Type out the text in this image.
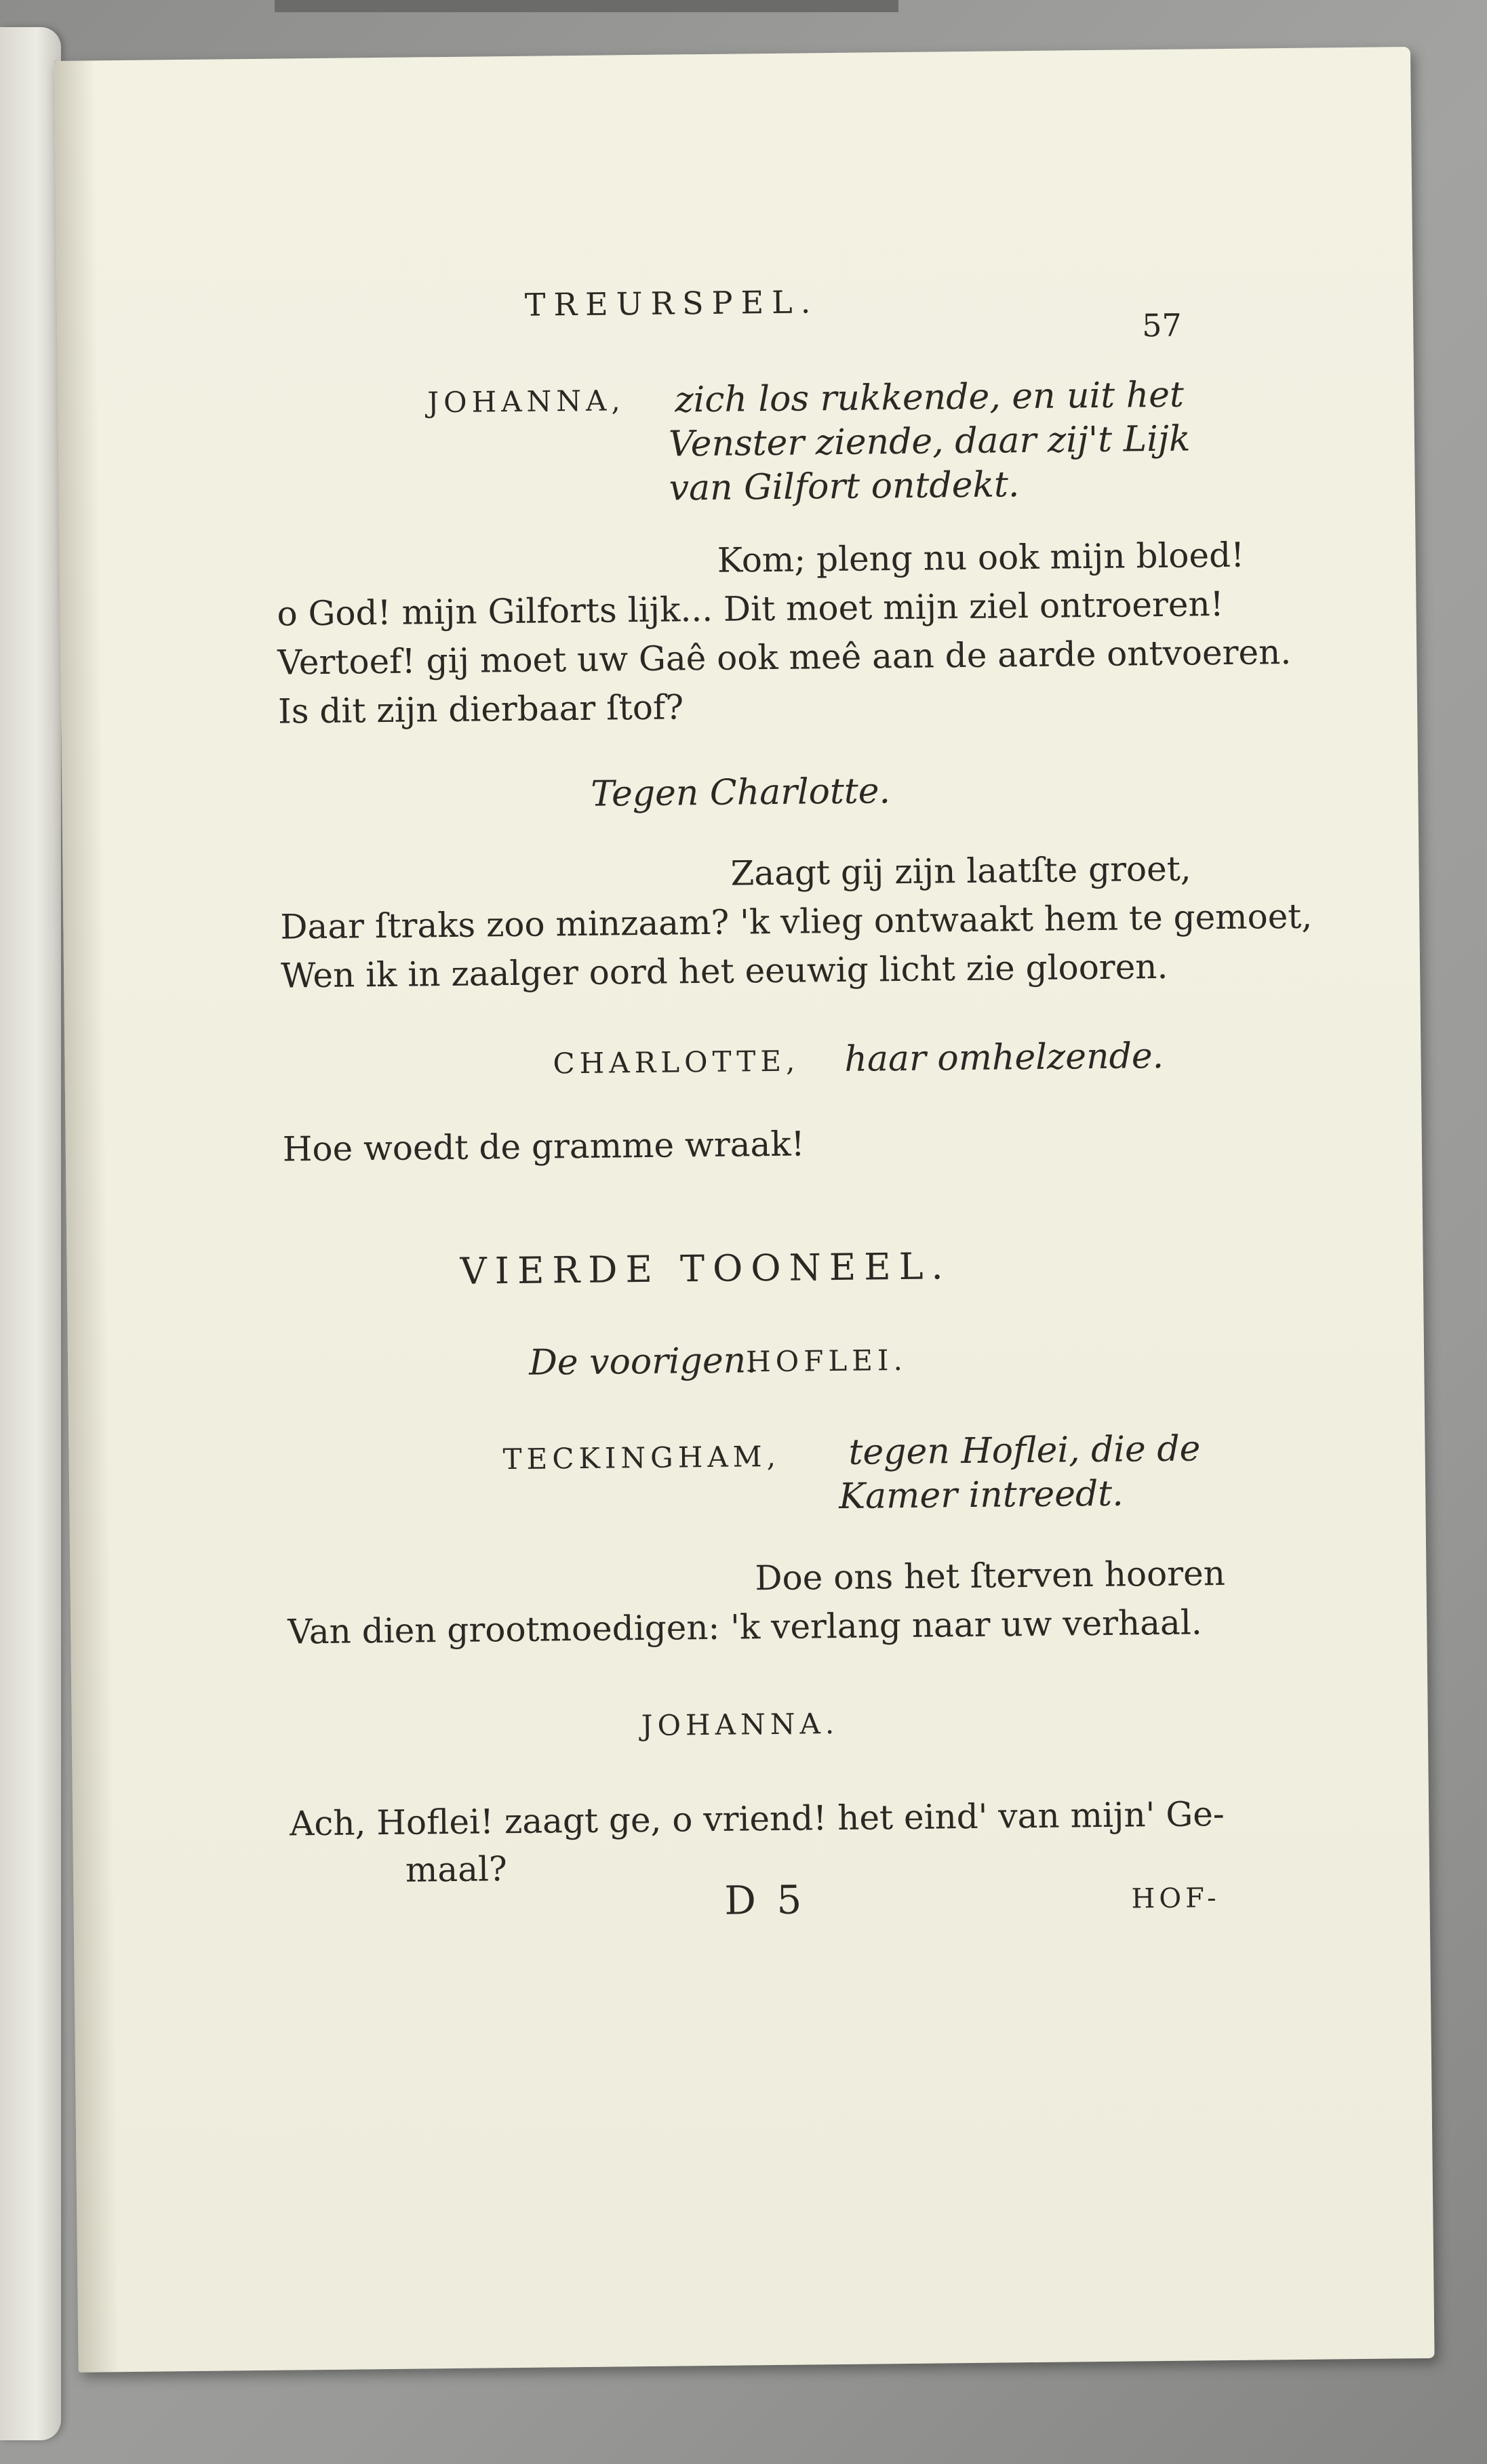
TREURSPEL.
57
JOHANNA, zich los rukkende, en uit het
Venster ziende, daar zij't Lijk
van Gilfort ontdekt.
Kom; pleng nu ook mijn bloed!
o God! mijn Gilforts lijk... Dit moet mijn ziel ontroeren!
Vertoef! gij moet uw Gaê ook meê aan de aarde ontvoeren.
Is dit zijn dierbaar ſtof?
Tegen Charlotte.
Zaagt gij zijn laatſte groet,
Daar ſtraks zoo minzaam? 'k vlieg ontwaakt hem te gemoet,
Wen ik in zaalger oord het eeuwig licht zie glooren.
CHARLOTTE, haar omhelzende.
Hoe woedt de gramme wraak!
VIERDE TOONEEL.
De voorigen.
HOFLEI.
TECKINGHAM, tegen Hoflei, die de
Kamer intreedt.
Doe ons het ſterven hooren
Van dien grootmoedigen: 'k verlang naar uw verhaal.
JOHANNA.
Ach, Hoflei! zaagt ge, o vriend! het eind' van mijn' Ge-
maal?
D 5	HOF-
